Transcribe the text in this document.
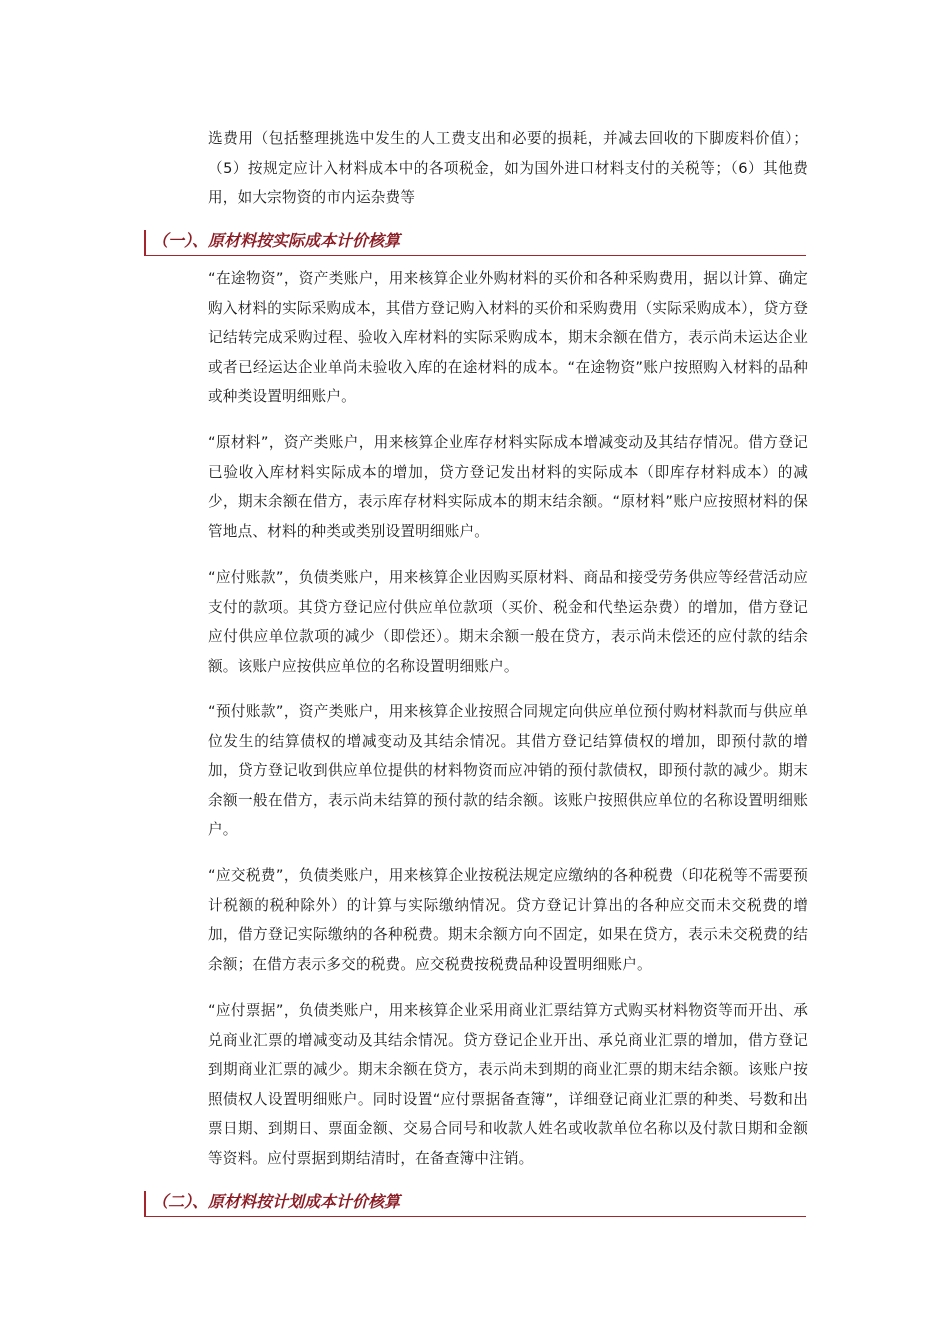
选费用（包括整理挑选中发生的人工费支出和必要的损耗，并减去回收的下脚废料价值）；（5）按规定应计入材料成本中的各项税金，如为国外进口材料支付的关税等；（6）其他费用，如大宗物资的市内运杂费等

（一）、原材料按实际成本计价核算

“在途物资”，资产类账户，用来核算企业外购材料的买价和各种采购费用，据以计算、确定购入材料的实际采购成本，其借方登记购入材料的买价和采购费用（实际采购成本），贷方登记结转完成采购过程、验收入库材料的实际采购成本，期末余额在借方，表示尚未运达企业或者已经运达企业单尚未验收入库的在途材料的成本。“在途物资”账户按照购入材料的品种或种类设置明细账户。

“原材料”，资产类账户，用来核算企业库存材料实际成本增减变动及其结存情况。借方登记已验收入库材料实际成本的增加，贷方登记发出材料的实际成本（即库存材料成本）的减少，期末余额在借方，表示库存材料实际成本的期末结余额。“原材料”账户应按照材料的保管地点、材料的种类或类别设置明细账户。

“应付账款”，负债类账户，用来核算企业因购买原材料、商品和接受劳务供应等经营活动应支付的款项。其贷方登记应付供应单位款项（买价、税金和代垫运杂费）的增加，借方登记应付供应单位款项的减少（即偿还）。期末余额一般在贷方，表示尚未偿还的应付款的结余额。该账户应按供应单位的名称设置明细账户。

“预付账款”，资产类账户，用来核算企业按照合同规定向供应单位预付购材料款而与供应单位发生的结算债权的增减变动及其结余情况。其借方登记结算债权的增加，即预付款的增加，贷方登记收到供应单位提供的材料物资而应冲销的预付款债权，即预付款的减少。期末余额一般在借方，表示尚未结算的预付款的结余额。该账户按照供应单位的名称设置明细账户。

“应交税费”，负债类账户，用来核算企业按税法规定应缴纳的各种税费（印花税等不需要预计税额的税种除外）的计算与实际缴纳情况。贷方登记计算出的各种应交而未交税费的增加，借方登记实际缴纳的各种税费。期末余额方向不固定，如果在贷方，表示未交税费的结余额；在借方表示多交的税费。应交税费按税费品种设置明细账户。

“应付票据”，负债类账户，用来核算企业采用商业汇票结算方式购买材料物资等而开出、承兑商业汇票的增减变动及其结余情况。贷方登记企业开出、承兑商业汇票的增加，借方登记到期商业汇票的减少。期末余额在贷方，表示尚未到期的商业汇票的期末结余额。该账户按照债权人设置明细账户。同时设置“应付票据备查簿”，详细登记商业汇票的种类、号数和出票日期、到期日、票面金额、交易合同号和收款人姓名或收款单位名称以及付款日期和金额等资料。应付票据到期结清时，在备查簿中注销。

（二）、原材料按计划成本计价核算
